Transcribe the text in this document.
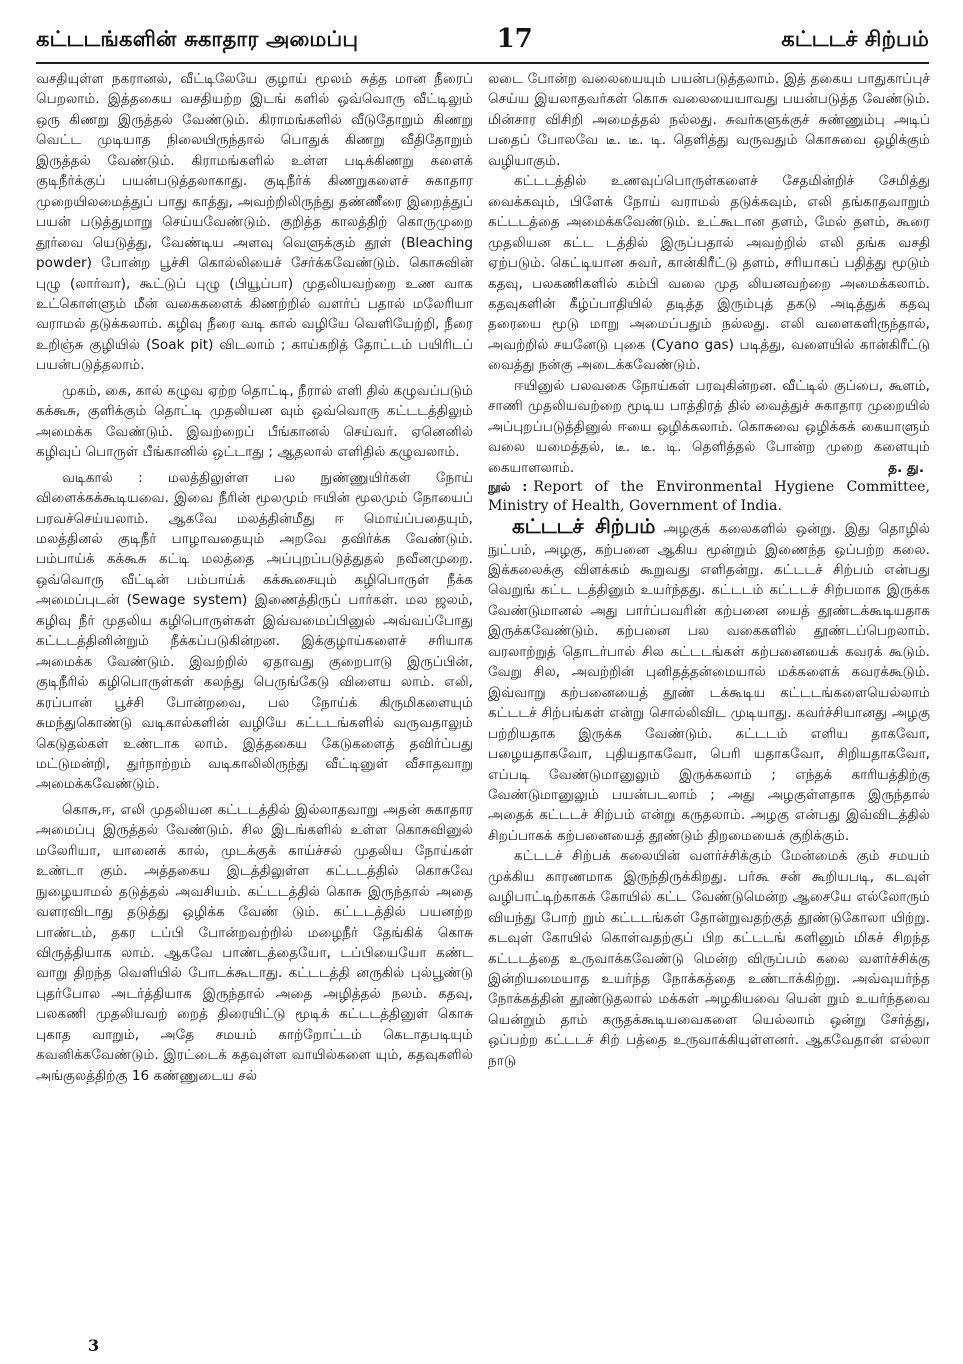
கட்டடங்களின் சுகாதார அமைப்பு	17	கட்டடச் சிற்பம்

வசதியுள்ள நகரானல், வீட்டிலேயே குழாய் மூலம் சுத்த மான நீரைப் பெறலாம். இத்தகைய வசதியற்ற இடங் களில் ஒவ்வொரு வீட்டிலும் ஒரு கிணறு இருத்தல் வேண்டும். கிராமங்களில் வீடுதோறும் கிணறு வெட்ட முடியாத நிலையிருந்தால் பொதுக் கிணறு வீதிதோறும் இருத்தல் வேண்டும். கிராமங்களில் உள்ள படிக்கிணறு களைக் குடிநீர்க்குப் பயன்படுத்தலாகாது. குடிநீர்க் கிணறுகளைச் சுகாதார முறையிலமைத்துப் பாது காத்து, அவற்றிலிருந்து தண்ணீரை இறைத்துப் பயன் படுத்துமாறு செய்யவேண்டும். குறித்த காலத்திற் கொருமுறை தூர்வை யெடுத்து, வேண்டிய அளவு வெளுக்கும் தூள் (Bleaching powder) போன்ற பூச்சி கொல்லியைச் சேர்க்கவேண்டும். கொசுவின் புழு (லார்வா), கூட்டுப் புழு (பியூப்பா) முதலியவற்றை உண வாக உட்கொள்ளும் மீன் வகைகளைக் கிணற்றில் வளர்ப் பதால் மலேரியா வராமல் தடுக்கலாம். கழிவு நீரை வடி கால் வழியே வெளியேற்றி, நீரை உறிஞ்சு குழியில் (Soak pit) விடலாம் ; காய்கறித் தோட்டம் பயிரிடப் பயன்படுத்தலாம்.

முகம், கை, கால் கழுவ ஏற்ற தொட்டி, நீரால் எளி தில் கழுவப்படும் கக்கூசு, குளிக்கும் தொட்டி முதலியன வும் ஒவ்வொரு கட்டடத்திலும் அமைக்க வேண்டும். இவற்றைப் பீங்கானல் செய்வர். ஏனெனில் கழிவுப் பொருள் பீங்கானில் ஒட்டாது ; ஆதலால் எளிதில் கழுவலாம்.

வடிகால் : மலத்திலுள்ள பல நுண்ணுயிர்கள் நோய் விளைக்கக்கூடியவை. இவை நீரின் மூலமும் ஈயின் மூலமும் நோயைப் பரவச்செய்யலாம். ஆகவே மலத்தின்மீது ஈ மொய்ப்பதையும், மலத்தினல் குடிநீர் பாழாவதையும் அறவே தவிர்க்க வேண்டும். பம்பாய்க் கக்கூசு கட்டி மலத்தை அப்புறப்படுத்துதல் நவீனமுறை. ஒவ்வொரு வீட்டின் பம்பாய்க் கக்கூசையும் கழிபொருள் நீக்க அமைப்புடன் (Sewage system) இணைத்திருப் பார்கள். மல ஜலம், கழிவு நீர் முதலிய கழிபொருள்கள் இவ்வமைப்பினுல் அவ்வப்போது கட்டடத்தினின்றும் நீக்கப்படுகின்றன. இக்குழாய்களைச் சரியாக அமைக்க வேண்டும். இவற்றில் ஏதாவது குறைபாடு இருப்பின், குடிநீரில் கழிபொருள்கள் கலந்து பெருங்கேடு விளைய லாம். எலி, கரப்பான் பூச்சி போன்றவை, பல நோய்க் கிருமிகளையும் சுமந்துகொண்டு வடிகால்களின் வழியே கட்டடங்களில் வருவதாலும் கெடுதல்கள் உண்டாக லாம். இத்தகைய கேடுகளைத் தவிர்ப்பது மட்டுமன்றி, துர்நாற்றம் வடிகாலிலிருந்து வீட்டினுள் வீசாதவாறு அமைக்கவேண்டும்.

கொசு,ஈ, எலி முதலியன கட்டடத்தில் இல்லாதவாறு அதன் சுகாதார அமைப்பு இருத்தல் வேண்டும். சில இடங்களில் உள்ள கொசுவினுல் மலேரியா, யானைக் கால், முடக்குக் காய்ச்சல் முதலிய நோய்கள் உண்டா கும். அத்தகைய இடத்திலுள்ள கட்டடத்தில் கொசுவே நுழையாமல் தடுத்தல் அவசியம். கட்டடத்தில் கொசு இருந்தால் அதை வளரவிடாது தடுத்து ஒழிக்க வேண் டும். கட்டடத்தில் பயனற்ற பாண்டம், தகர டப்பி போன்றவற்றில் மழைநீர் தேங்கிக் கொசு விருத்தியாக லாம். ஆகவே பாண்டத்தையோ, டப்பியையோ கண்ட வாறு திறந்த வெளியில் போடக்கூடாது. கட்டடத்தி னருகில் புல்பூண்டு புதர்போல அடர்த்தியாக இருந்தால் அதை அழித்தல் நலம். கதவு, பலகணி முதலியவற் றைத் திரையிட்டு மூடிக் கட்டடத்தினுள் கொசு புகாத வாறும், அதே சமயம் காற்றோட்டம் கெடாதபடியும் கவனிக்கவேண்டும். இரட்டைக் கதவுள்ள வாயில்களை யும், கதவுகளில் அங்குலத்திற்கு 16 கண்ணுடைய சல்

லடை போன்ற வலையையும் பயன்படுத்தலாம். இத் தகைய பாதுகாப்புச் செய்ய இயலாதவர்கள் கொசு வலையையாவது பயன்படுத்த வேண்டும். மின்சார விசிறி அமைத்தல் நல்லது. சுவர்களுக்குச் சுண்ணும்பு அடிப் பதைப் போலவே டீ. டீ. டி. தெளித்து வருவதும் கொசுவை ஒழிக்கும் வழியாகும்.

கட்டடத்தில் உணவுப்பொருள்களைச் சேதமின்றிச் சேமித்து வைக்கவும், பிளேக் நோய் வராமல் தடுக்கவும், எலி தங்காதவாறும் கட்டடத்தை அமைக்கவேண்டும். உட்கூடான தளம், மேல் தளம், கூரை முதலியன கட்ட டத்தில் இருப்பதால் அவற்றில் எலி தங்க வசதி ஏற்படும். கெட்டியான சுவர், கான்கிரீட்டு தளம், சரியாகப் பதித்து மூடும் கதவு, பலகணிகளில் கம்பி வலை முத லியனவற்றை அமைக்கலாம். கதவுகளின் கீழ்ப்பாதியில் தடித்த இரும்புத் தகடு அடித்துக் கதவு தரையை மூடு மாறு அமைப்பதும் நல்லது. எலி வளைகளிருந்தால், அவற்றில் சயனேடு புகை (Cyano gas) படித்து, வளையில் கான்கிரீட்டு வைத்து நன்கு அடைக்கவேண்டும்.

ஈயினுல் பலவகை நோய்கள் பரவுகின்றன. வீட்டில் குப்பை, கூளம், சாணி முதலியவற்றை மூடிய பாத்திரத் தில் வைத்துச் சுகாதார முறையில் அப்புறப்படுத்தினுல் ஈயை ஒழிக்கலாம். கொசுவை ஒழிக்கக் கையாளும் வலை யமைத்தல், டீ. டீ. டி. தெளித்தல் போன்ற முறை களையும் கையாளலாம்.	த. து.

நூல் : Report of the Environmental Hygiene Committee, Ministry of Health, Government of India.

கட்டடச் சிற்பம் அழகுக் கலைகளில் ஒன்று. இது தொழில் நுட்பம், அழகு, கற்பனை ஆகிய மூன்றும் இணைந்த ஒப்பற்ற கலை. இக்கலைக்கு விளக்கம் கூறுவது எளிதன்று. கட்டடச் சிற்பம் என்பது வெறுங் கட்ட டத்தினும் உயர்ந்தது. கட்டடம் கட்டடச் சிற்பமாக இருக்க வேண்டுமானல் அது பார்ப்பவரின் கற்பனை யைத் தூண்டக்கூடியதாக இருக்கவேண்டும். கற்பனை பல வகைகளில் தூண்டப்பெறலாம். வரலாற்றுத் தொடர்பால் சில கட்டடங்கள் கற்பனையைக் கவரக் கூடும். வேறு சில, அவற்றின் புனிதத்தன்மையால் மக்களைக் கவரக்கூடும். இவ்வாறு கற்பனையைத் தூண் டக்கூடிய கட்டடங்களையெல்லாம் கட்டடச் சிற்பங்கள் என்று சொல்லிவிட முடியாது. கவர்ச்சியானது அழகு பற்றியதாக இருக்க வேண்டும். கட்டடம் எளிய தாகவோ, பழையதாகவோ, புதியதாகவோ, பெரி யதாகவோ, சிறியதாகவோ, எப்படி வேண்டுமானுலும் இருக்கலாம் ; எந்தக் காரியத்திற்கு வேண்டுமானுலும் பயன்படலாம் ; அது அழகுள்ளதாக இருந்தால் அதைக் கட்டடச் சிற்பம் என்று கருதலாம். அழகு என்பது இவ்விடத்தில் சிறப்பாகக் கற்பனையைத் தூண்டும் திறமையைக் குறிக்கும்.

கட்டடச் சிற்பக் கலையின் வளர்ச்சிக்கும் மேன்மைக் கும் சமயம் முக்கிய காரணமாக இருந்திருக்கிறது. பர்கூ சன் கூறியபடி, கடவுள் வழிபாட்டிற்காகக் கோயில் கட்ட வேண்டுமென்ற ஆசையே எல்லோரும் வியந்து போற் றும் கட்டடங்கள் தோன்றுவதற்குத் தூண்டுகோலா யிற்று. கடவுள் கோயில் கொள்வதற்குப் பிற கட்டடங் களினும் மிகச் சிறந்த கட்டடத்தை உருவாக்கவேண்டு மென்ற விருப்பம் கலை வளர்ச்சிக்கு இன்றியமையாத உயர்ந்த நோக்கத்தை உண்டாக்கிற்று. அவ்வுயர்ந்த நோக்கத்தின் தூண்டுதலால் மக்கள் அழகியவை யென் றும் உயர்ந்தவை யென்றும் தாம் கருதக்கூடியவைகளை யெல்லாம் ஒன்று சேர்த்து, ஒப்பற்ற கட்டடச் சிற் பத்தை உருவாக்கியுள்ளனர். ஆகவேதான் எல்லா நாடு

3
